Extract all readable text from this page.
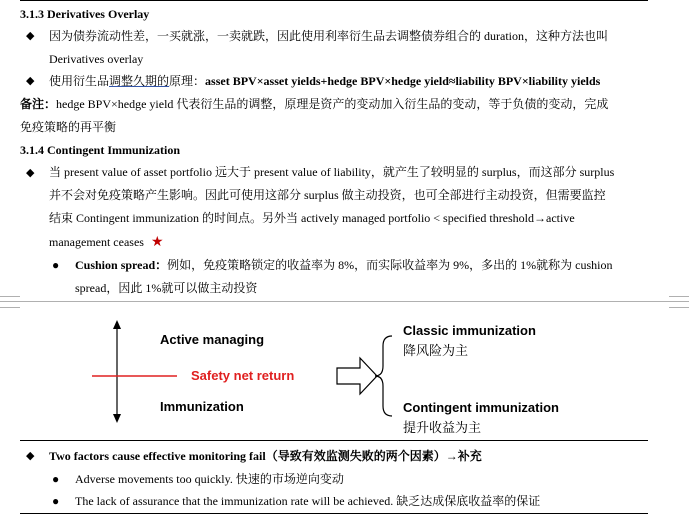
3.1.3 Derivatives Overlay
◆ 因为债券流动性差，一买就涨，一卖就跌，因此使用利率衍生品去调整债券组合的 duration，这种方法也叫
Derivatives overlay
◆ 使用衍生品调整久期的原理：asset BPV×asset yields+hedge BPV×hedge yield≈liability BPV×liability yields
备注：hedge BPV×hedge yield 代表衍生品的调整，原理是资产的变动加入衍生品的变动，等于负债的变动，完成
免疫策略的再平衡
3.1.4 Contingent Immunization
◆ 当 present value of asset portfolio 远大于 present value of liability，就产生了较明显的 surplus，而这部分 surplus
并不会对免疫策略产生影响。因此可使用这部分 surplus 做主动投资，也可全部进行主动投资，但需要监控
结束 Contingent immunization 的时间点。另外当 actively managed portfolio < specified threshold→active
management ceases ★
● Cushion spread：例如，免疫策略锁定的收益率为 8%，而实际收益率为 9%，多出的 1%就称为 cushion
spread，因此 1%就可以做主动投资
Active managing
Safety net return
Immunization
Classic immunization
降风险为主
Contingent immunization
提升收益为主
◆ Two factors cause effective monitoring fail（导致有效监测失败的两个因素）→补充
● Adverse movements too quickly. 快速的市场逆向变动
● The lack of assurance that the immunization rate will be achieved. 缺乏达成保底收益率的保证
